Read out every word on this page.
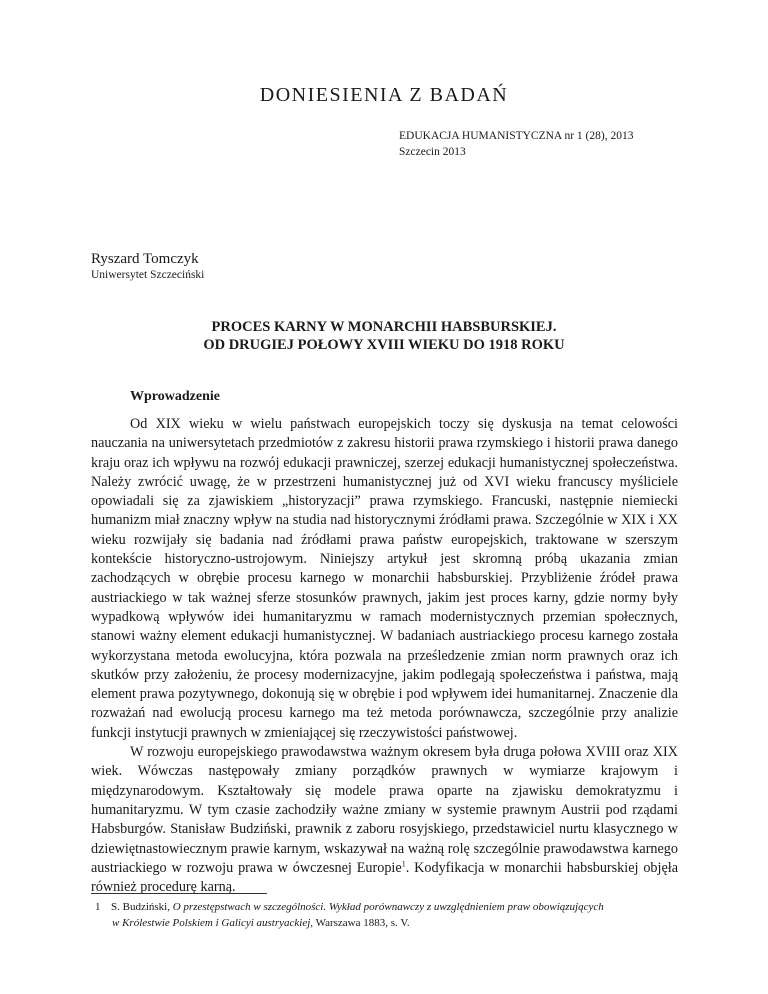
DONIESIENIA Z BADAŃ
EDUKACJA HUMANISTYCZNA nr 1 (28), 2013
Szczecin 2013
Ryszard Tomczyk
Uniwersytet Szczeciński
PROCES KARNY W MONARCHII HABSBURSKIEJ.
OD DRUGIEJ POŁOWY XVIII WIEKU DO 1918 ROKU
Wprowadzenie

Od XIX wieku w wielu państwach europejskich toczy się dyskusja na temat celowości nauczania na uniwersytetach przedmiotów z zakresu historii prawa rzymskiego i historii prawa danego kraju oraz ich wpływu na rozwój edukacji prawniczej, szerzej edukacji humanistycznej społeczeństwa. Należy zwrócić uwagę, że w przestrzeni humanistycznej już od XVI wieku francuscy myśliciele opowiadali się za zjawiskiem „historyzacji” prawa rzymskiego. Francuski, następnie niemiecki humanizm miał znaczny wpływ na studia nad historycznymi źródłami prawa. Szczególnie w XIX i XX wieku rozwijały się badania nad źródłami prawa państw europejskich, traktowane w szerszym kontekście historyczno-ustrojowym. Niniejszy artykuł jest skromną próbą ukazania zmian zachodzących w obrębie procesu karnego w monarchii habsburskiej. Przybliżenie źródeł prawa austriackiego w tak ważnej sferze stosunków prawnych, jakim jest proces karny, gdzie normy były wypadkową wpływów idei humanitaryzmu w ramach modernistycznych przemian społecznych, stanowi ważny element edukacji humanistycznej. W badaniach austriackiego procesu karnego została wykorzystana metoda ewolucyjna, która pozwala na prześledzenie zmian norm prawnych oraz ich skutków przy założeniu, że procesy modernizacyjne, jakim podlegają społeczeństwa i państwa, mają element prawa pozytywnego, dokonują się w obrębie i pod wpływem idei humanitarnej. Znaczenie dla rozważań nad ewolucją procesu karnego ma też metoda porównawcza, szczególnie przy analizie funkcji instytucji prawnych w zmieniającej się rzeczywistości państwowej.

W rozwoju europejskiego prawodawstwa ważnym okresem była druga połowa XVIII oraz XIX wiek. Wówczas następowały zmiany porządków prawnych w wymiarze krajowym i międzynarodowym. Kształtowały się modele prawa oparte na zjawisku demokratyzmu i humanitaryzmu. W tym czasie zachodziły ważne zmiany w systemie prawnym Austrii pod rządami Habsburgów. Stanisław Budziński, prawnik z zaboru rosyjskiego, przedstawiciel nurtu klasycznego w dziewiętnastowiecznym prawie karnym, wskazywał na ważną rolę szczególnie prawodawstwa karnego austriackiego w rozwoju prawa w ówczesnej Europie$^1$. Kodyfikacja w monarchii habsburskiej objęła również procedurę karną.

1 S. Budziński, O przestępstwach w szczególności. Wykład porównawczy z uwzględnieniem praw obowiązujących
w Królestwie Polskiem i Galicyi austryackiej, Warszawa 1883, s. V.
